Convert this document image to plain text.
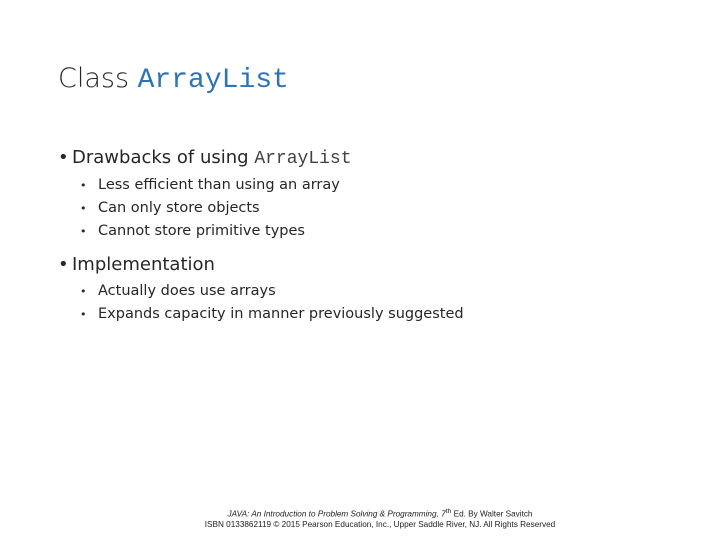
Class ArrayList
• Drawbacks of using ArrayList
• Less efficient than using an array
• Can only store objects
• Cannot store primitive types
• Implementation
• Actually does use arrays
• Expands capacity in manner previously suggested
JAVA: An Introduction to Problem Solving & Programming, 7th Ed. By Walter Savitch
ISBN 0133862119 © 2015 Pearson Education, Inc., Upper Saddle River, NJ. All Rights Reserved
